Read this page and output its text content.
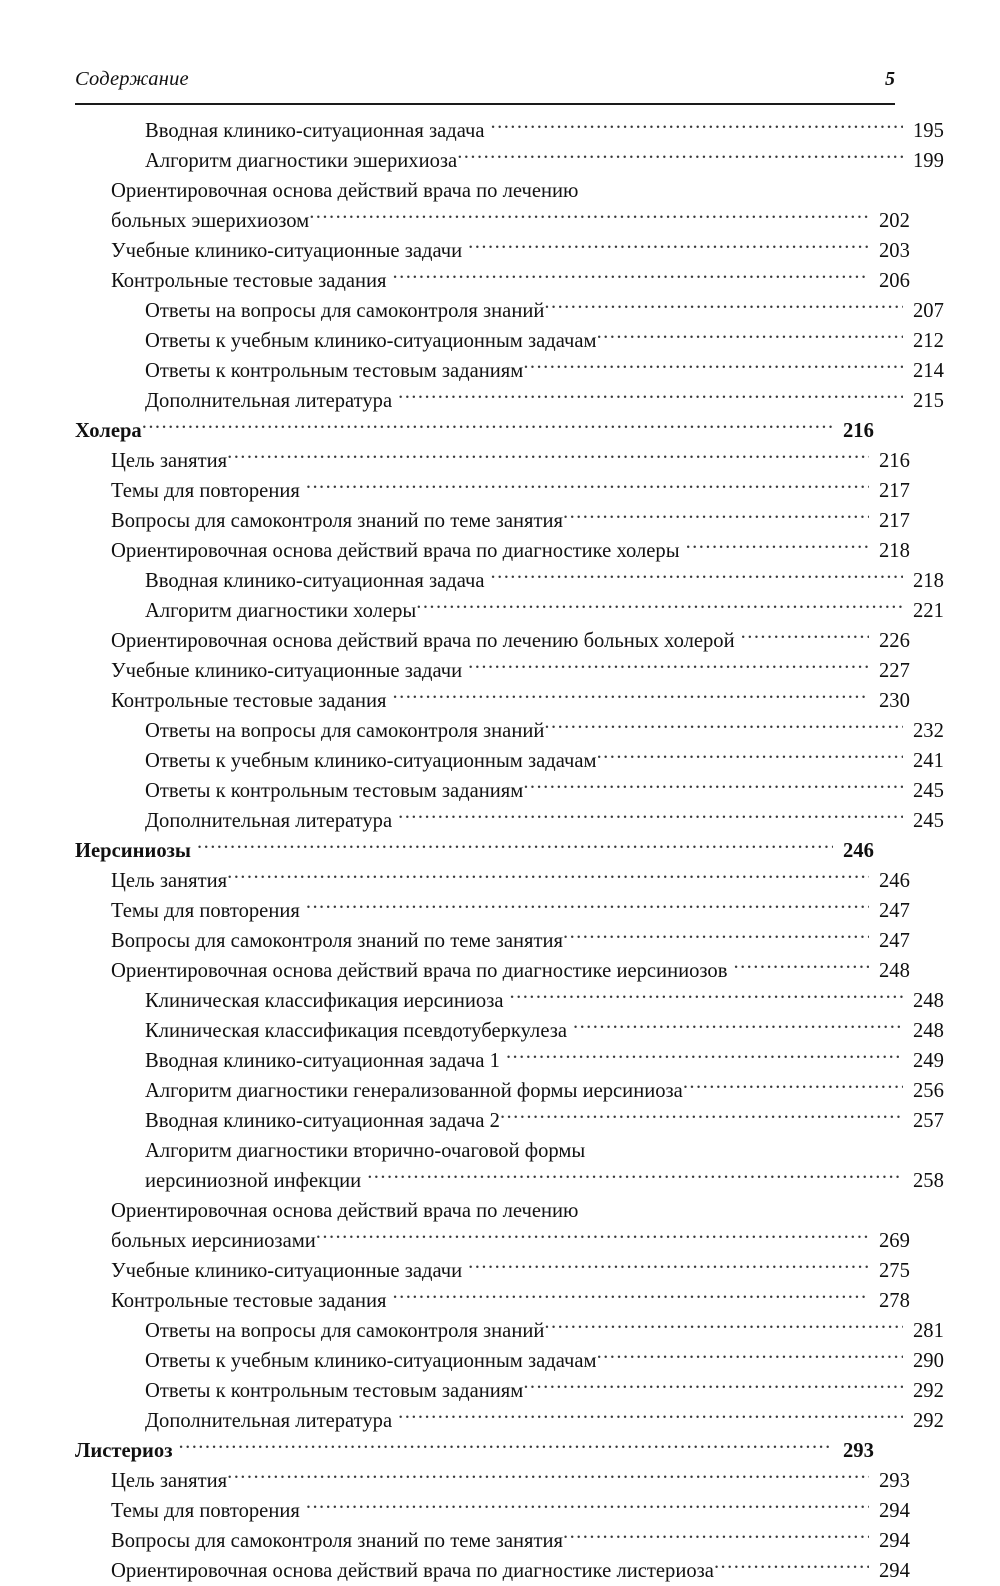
Содержание	5
Вводная клинико-ситуационная задача .....	195
Алгоритм диагностики эшерихиоза .....	199
Ориентировочная основа действий врача по лечению
больных эшерихиозом .....	202
Учебные клинико-ситуационные задачи .....	203
Контрольные тестовые задания .....	206
Ответы на вопросы для самоконтроля знаний .....	207
Ответы к учебным клинико-ситуационным задачам .....	212
Ответы к контрольным тестовым заданиям .....	214
Дополнительная литература .....	215
Холера .....	216
Цель занятия .....	216
Темы для повторения .....	217
Вопросы для самоконтроля знаний по теме занятия .....	217
Ориентировочная основа действий врача по диагностике холеры .....	218
Вводная клинико-ситуационная задача .....	218
Алгоритм диагностики холеры .....	221
Ориентировочная основа действий врача по лечению больных холерой .....	226
Учебные клинико-ситуационные задачи .....	227
Контрольные тестовые задания .....	230
Ответы на вопросы для самоконтроля знаний .....	232
Ответы к учебным клинико-ситуационным задачам .....	241
Ответы к контрольным тестовым заданиям .....	245
Дополнительная литература .....	245
Иерсиниозы .....	246
Цель занятия .....	246
Темы для повторения .....	247
Вопросы для самоконтроля знаний по теме занятия .....	247
Ориентировочная основа действий врача по диагностике иерсиниозов .....	248
Клиническая классификация иерсиниоза .....	248
Клиническая классификация псевдотуберкулеза .....	248
Вводная клинико-ситуационная задача 1 .....	249
Алгоритм диагностики генерализованной формы иерсиниоза .....	256
Вводная клинико-ситуационная задача 2 .....	257
Алгоритм диагностики вторично-очаговой формы
иерсиниозной инфекции .....	258
Ориентировочная основа действий врача по лечению
больных иерсиниозами .....	269
Учебные клинико-ситуационные задачи .....	275
Контрольные тестовые задания .....	278
Ответы на вопросы для самоконтроля знаний .....	281
Ответы к учебным клинико-ситуационным задачам .....	290
Ответы к контрольным тестовым заданиям .....	292
Дополнительная литература .....	292
Листериоз .....	293
Цель занятия .....	293
Темы для повторения .....	294
Вопросы для самоконтроля знаний по теме занятия .....	294
Ориентировочная основа действий врача по диагностике листериоза .....	294
